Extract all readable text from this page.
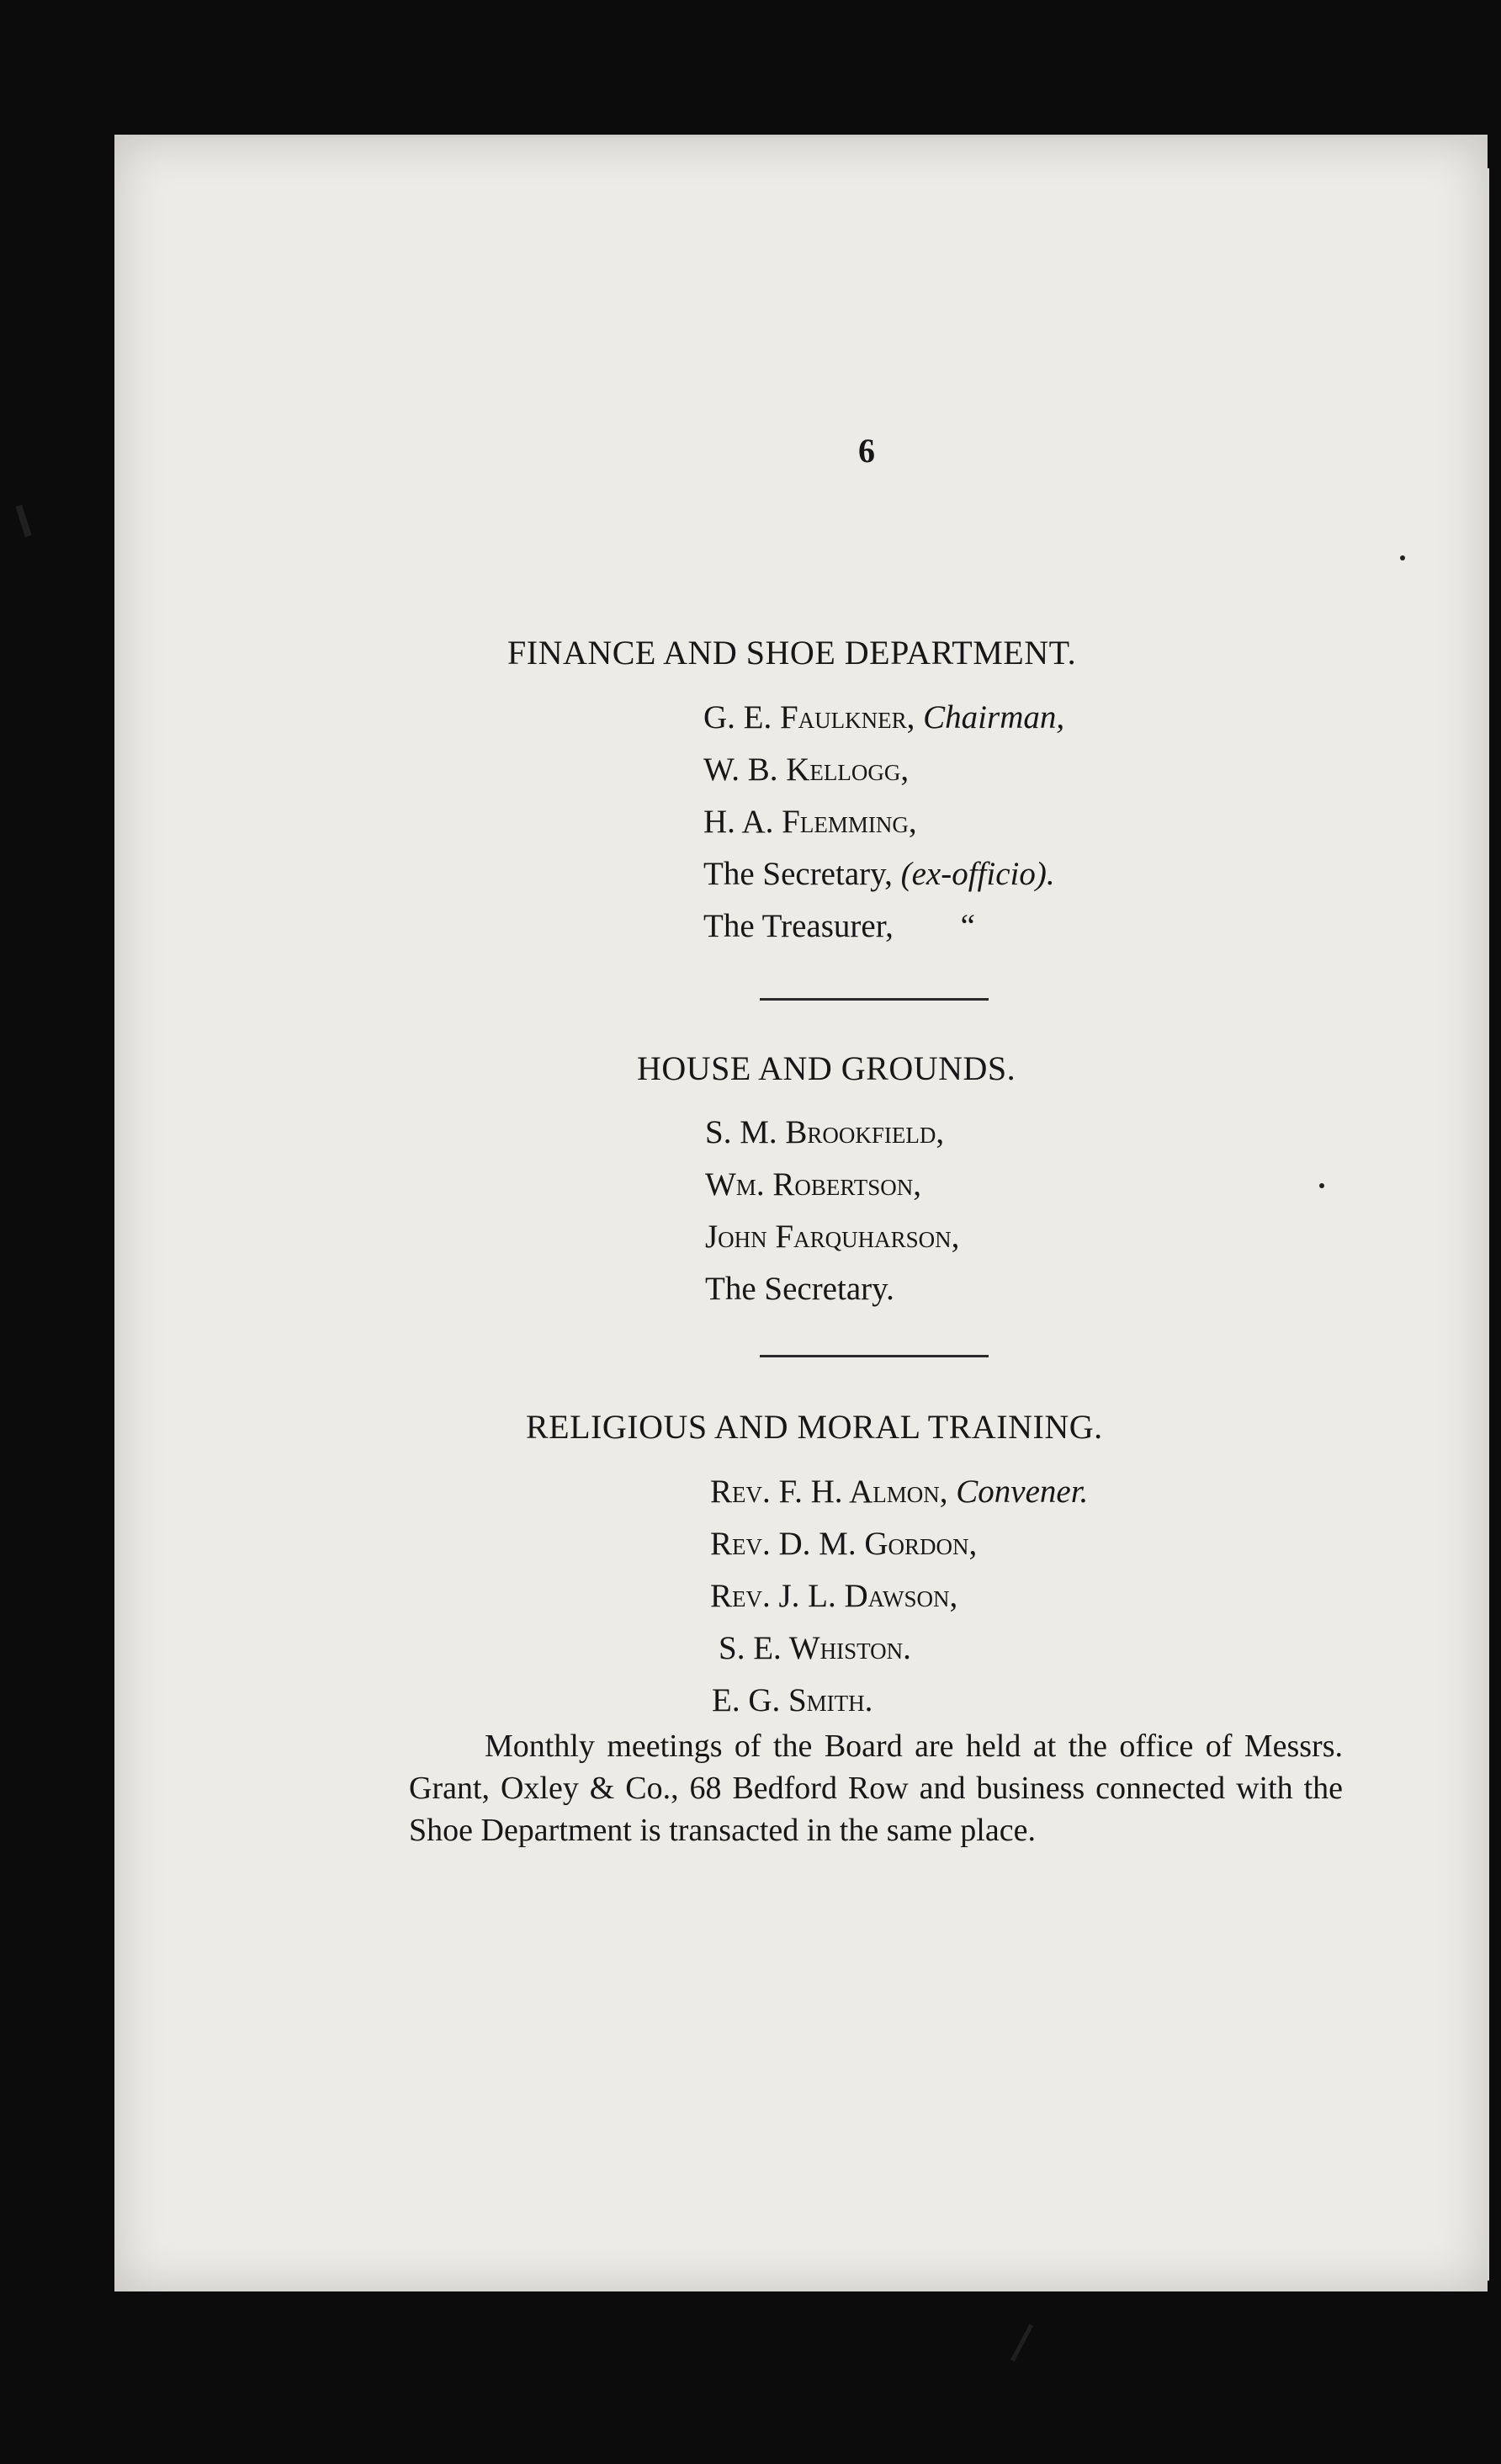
6
FINANCE AND SHOE DEPARTMENT.
G. E. Faulkner, Chairman,
W. B. Kellogg,
H. A. Flemming,
The Secretary, (ex-officio).
The Treasurer, “
HOUSE AND GROUNDS.
S. M. Brookfield,
Wm. Robertson,
John Farquharson,
The Secretary.
RELIGIOUS AND MORAL TRAINING.
Rev. F. H. Almon, Convener.
Rev. D. M. Gordon,
Rev. J. L. Dawson,
S. E. Whiston.
E. G. Smith.
Monthly meetings of the Board are held at the office of Messrs. Grant, Oxley & Co., 68 Bedford Row and business connected with the Shoe Department is transacted in the same place.
